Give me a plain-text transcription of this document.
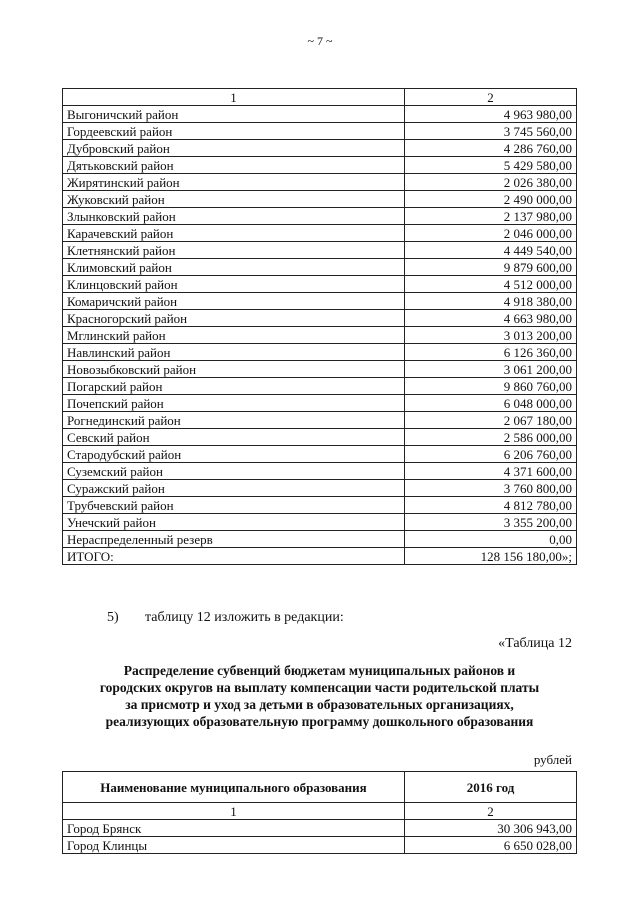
~ 7 ~
1	2
Выгоничский район	4 963 980,00
Гордеевский район	3 745 560,00
Дубровский район	4 286 760,00
Дятьковский район	5 429 580,00
Жирятинский район	2 026 380,00
Жуковский район	2 490 000,00
Злынковский район	2 137 980,00
Карачевский район	2 046 000,00
Клетнянский район	4 449 540,00
Климовский район	9 879 600,00
Клинцовский район	4 512 000,00
Комаричский район	4 918 380,00
Красногорский район	4 663 980,00
Мглинский район	3 013 200,00
Навлинский район	6 126 360,00
Новозыбковский район	3 061 200,00
Погарский район	9 860 760,00
Почепский район	6 048 000,00
Рогнединский район	2 067 180,00
Севский район	2 586 000,00
Стародубский район	6 206 760,00
Суземский район	4 371 600,00
Суражский район	3 760 800,00
Трубчевский район	4 812 780,00
Унечский район	3 355 200,00
Нераспределенный резерв	0,00
ИТОГО:	128 156 180,00»;
5) таблицу 12 изложить в редакции:
«Таблица 12
Распределение субвенций бюджетам муниципальных районов и
городских округов на выплату компенсации части родительской платы
за присмотр и уход за детьми в образовательных организациях,
реализующих образовательную программу дошкольного образования
рублей
Наименование муниципального образования	2016 год
1	2
Город Брянск	30 306 943,00
Город Клинцы	6 650 028,00
